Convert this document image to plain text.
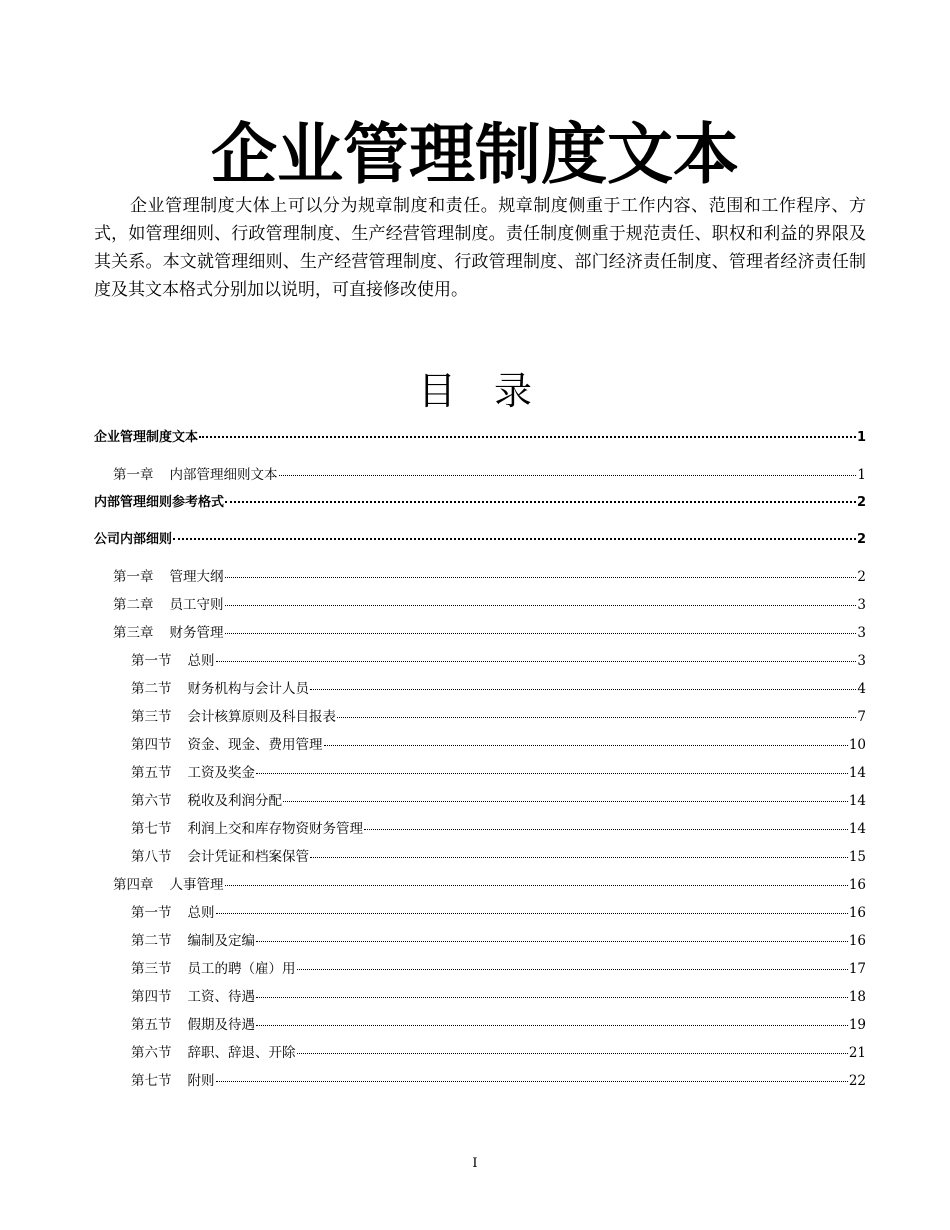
企业管理制度文本
企业管理制度大体上可以分为规章制度和责任。规章制度侧重于工作内容、范围和工作程序、方式，如管理细则、行政管理制度、生产经营管理制度。责任制度侧重于规范责任、职权和利益的界限及其关系。本文就管理细则、生产经营管理制度、行政管理制度、部门经济责任制度、管理者经济责任制度及其文本格式分别加以说明，可直接修改使用。
目　录
企业管理制度文本	1
第一章 内部管理细则文本	1
内部管理细则参考格式	2
公司内部细则	2
第一章 管理大纲	2
第二章 员工守则	3
第三章 财务管理	3
第一节 总则	3
第二节 财务机构与会计人员	4
第三节 会计核算原则及科目报表	7
第四节 资金、现金、费用管理	10
第五节 工资及奖金	14
第六节 税收及利润分配	14
第七节 利润上交和库存物资财务管理	14
第八节 会计凭证和档案保管	15
第四章 人事管理	16
第一节 总则	16
第二节 编制及定编	16
第三节 员工的聘（雇）用	17
第四节 工资、待遇	18
第五节 假期及待遇	19
第六节 辞职、辞退、开除	21
第七节 附则	22
I
